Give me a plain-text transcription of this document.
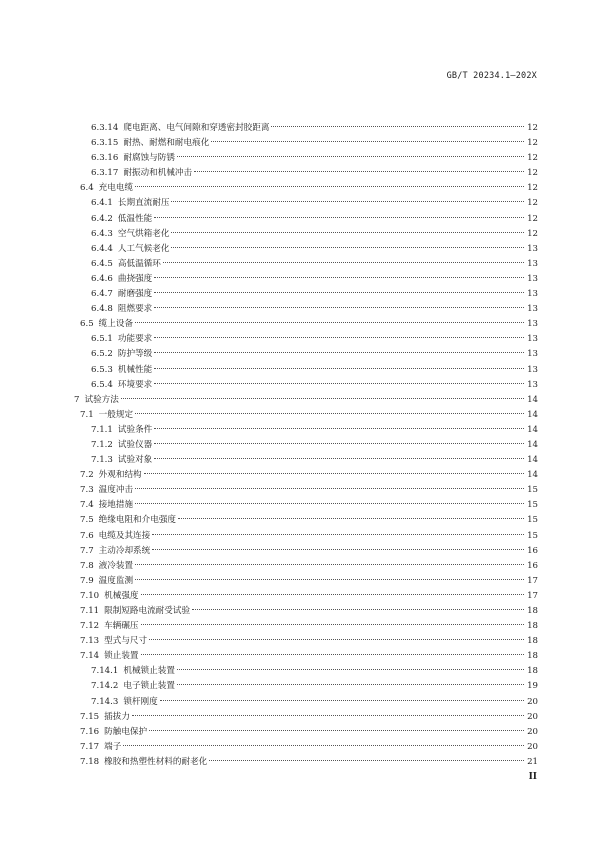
GB/T 20234.1—202X
6.3.14 爬电距离、电气间隙和穿透密封胶距离	12
6.3.15 耐热、耐燃和耐电痕化	12
6.3.16 耐腐蚀与防锈	12
6.3.17 耐振动和机械冲击	12
6.4 充电电缆	12
6.4.1 长期直流耐压	12
6.4.2 低温性能	12
6.4.3 空气烘箱老化	12
6.4.4 人工气候老化	13
6.4.5 高低温循环	13
6.4.6 曲挠强度	13
6.4.7 耐磨强度	13
6.4.8 阻燃要求	13
6.5 缆上设备	13
6.5.1 功能要求	13
6.5.2 防护等级	13
6.5.3 机械性能	13
6.5.4 环境要求	13
7 试验方法	14
7.1 一般规定	14
7.1.1 试验条件	14
7.1.2 试验仪器	14
7.1.3 试验对象	14
7.2 外观和结构	14
7.3 温度冲击	15
7.4 接地措施	15
7.5 绝缘电阻和介电强度	15
7.6 电缆及其连接	15
7.7 主动冷却系统	16
7.8 液冷装置	16
7.9 温度监测	17
7.10 机械强度	17
7.11 限制短路电流耐受试验	18
7.12 车辆碾压	18
7.13 型式与尺寸	18
7.14 锁止装置	18
7.14.1 机械锁止装置	18
7.14.2 电子锁止装置	19
7.14.3 锁杆刚度	20
7.15 插拔力	20
7.16 防触电保护	20
7.17 端子	20
7.18 橡胶和热塑性材料的耐老化	21
II
